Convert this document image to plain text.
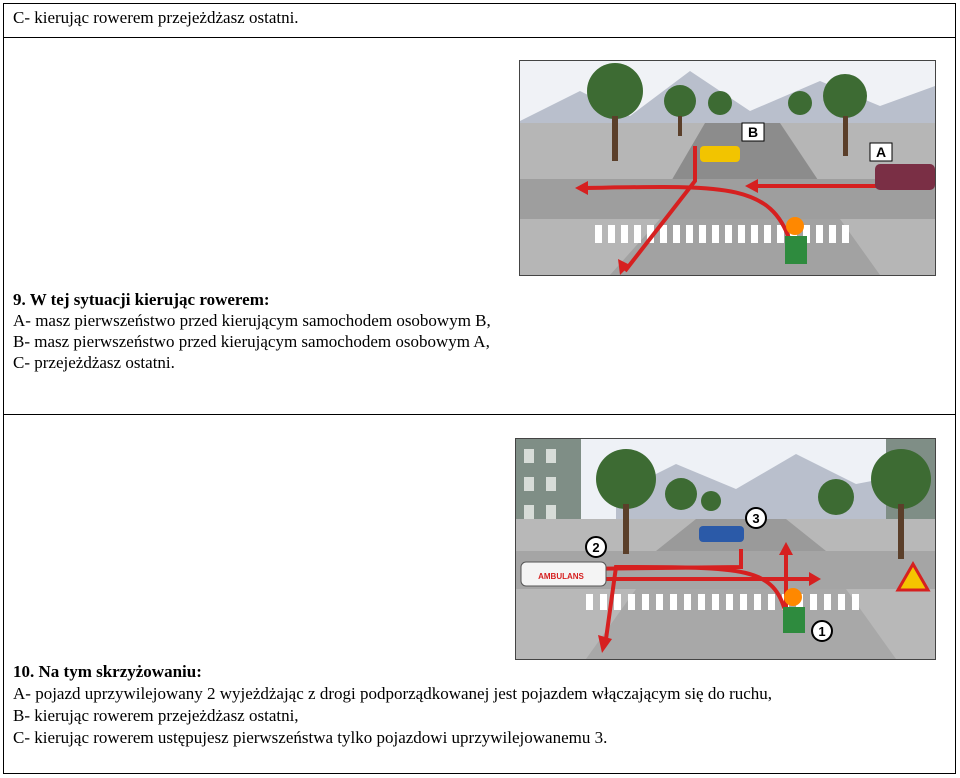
C- kierując rowerem przejeżdżasz ostatni.
B
A
9. W tej sytuacji kierując rowerem:
A- masz pierwszeństwo przed kierującym samochodem osobowym B,
B- masz pierwszeństwo przed kierującym samochodem osobowym A,
C- przejeżdżasz ostatni.
AMBULANS
3
2
1
10. Na tym skrzyżowaniu:
A- pojazd uprzywilejowany 2 wyjeżdżając z drogi podporządkowanej jest pojazdem włączającym się do ruchu,
B- kierując rowerem przejeżdżasz ostatni,
C- kierując rowerem ustępujesz pierwszeństwa tylko pojazdowi uprzywilejowanemu 3.
